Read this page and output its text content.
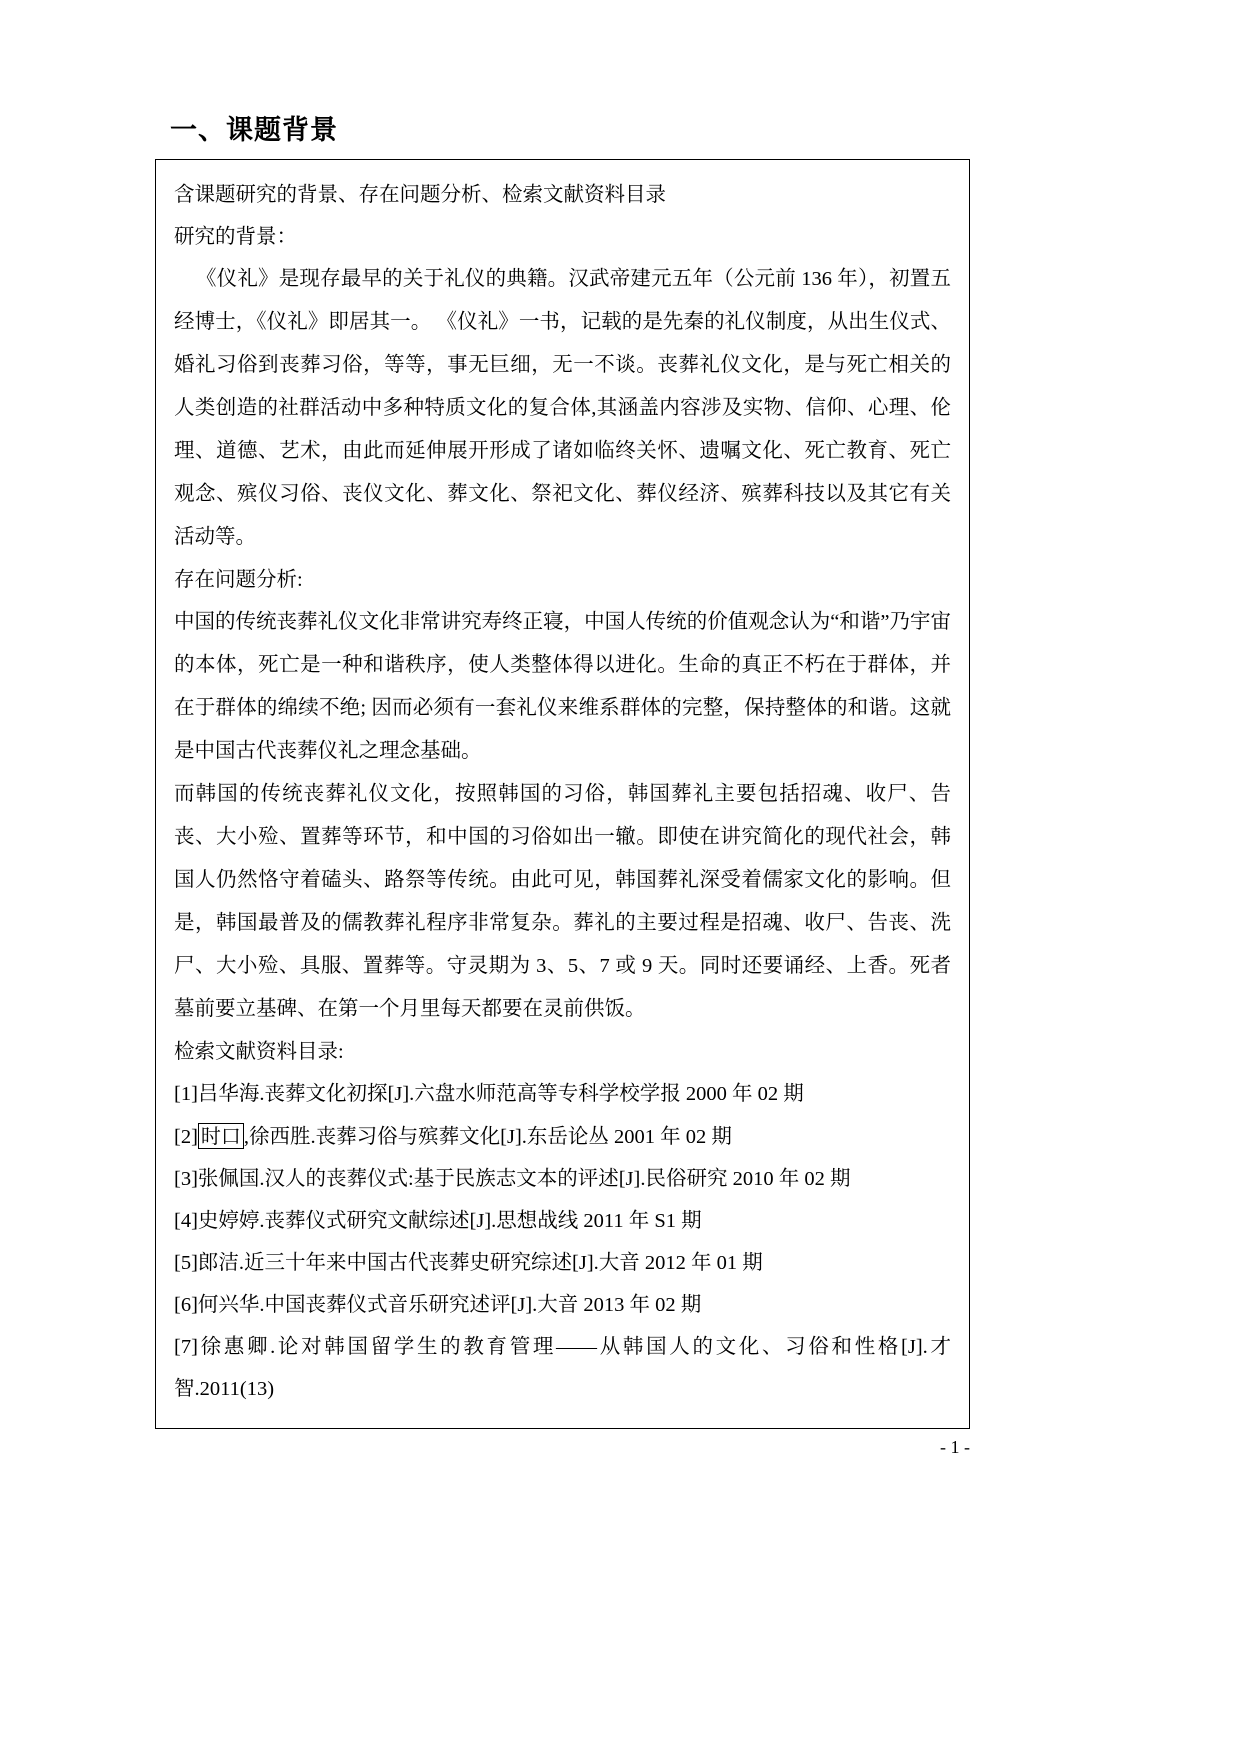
一、课题背景
含课题研究的背景、存在问题分析、检索文献资料目录
研究的背景：

《仪礼》是现存最早的关于礼仪的典籍。汉武帝建元五年（公元前 136 年），初置五经博士，《仪礼》即居其一。 《仪礼》一书，记载的是先秦的礼仪制度，从出生仪式、婚礼习俗到丧葬习俗，等等，事无巨细，无一不谈。丧葬礼仪文化，是与死亡相关的人类创造的社群活动中多种特质文化的复合体,其涵盖内容涉及实物、信仰、心理、伦理、道德、艺术，由此而延伸展开形成了诸如临终关怀、遗嘱文化、死亡教育、死亡观念、殡仪习俗、丧仪文化、葬文化、祭祀文化、葬仪经济、殡葬科技以及其它有关活动等。

存在问题分析:

中国的传统丧葬礼仪文化非常讲究寿终正寝，中国人传统的价值观念认为“和谐”乃宇宙的本体，死亡是一种和谐秩序，使人类整体得以进化。生命的真正不朽在于群体，并在于群体的绵续不绝; 因而必须有一套礼仪来维系群体的完整，保持整体的和谐。这就是中国古代丧葬仪礼之理念基础。

而韩国的传统丧葬礼仪文化，按照韩国的习俗，韩国葬礼主要包括招魂、收尸、告丧、大小殓、置葬等环节，和中国的习俗如出一辙。即使在讲究简化的现代社会，韩国人仍然恪守着磕头、路祭等传统。由此可见，韩国葬礼深受着儒家文化的影响。但是，韩国最普及的儒教葬礼程序非常复杂。葬礼的主要过程是招魂、收尸、告丧、洗尸、大小殓、具服、置葬等。守灵期为 3、5、7 或 9 天。同时还要诵经、上香。死者墓前要立基碑、在第一个月里每天都要在灵前供饭。

检索文献资料目录:

[1]吕华海.丧葬文化初探[J].六盘水师范高等专科学校学报 2000 年 02 期

[2] 时口 ,徐西胜.丧葬习俗与殡葬文化[J].东岳论丛 2001 年 02 期

[3]张佩国.汉人的丧葬仪式:基于民族志文本的评述[J].民俗研究 2010 年 02 期

[4]史婷婷.丧葬仪式研究文献综述[J].思想战线 2011 年 S1 期

[5]郎洁.近三十年来中国古代丧葬史研究综述[J].大音 2012 年 01 期

[6]何兴华.中国丧葬仪式音乐研究述评[J].大音 2013 年 02 期

[7]徐惠卿.论对韩国留学生的教育管理——从韩国人的文化、习俗和性格[J].才智.2011(13)

- 1 -
